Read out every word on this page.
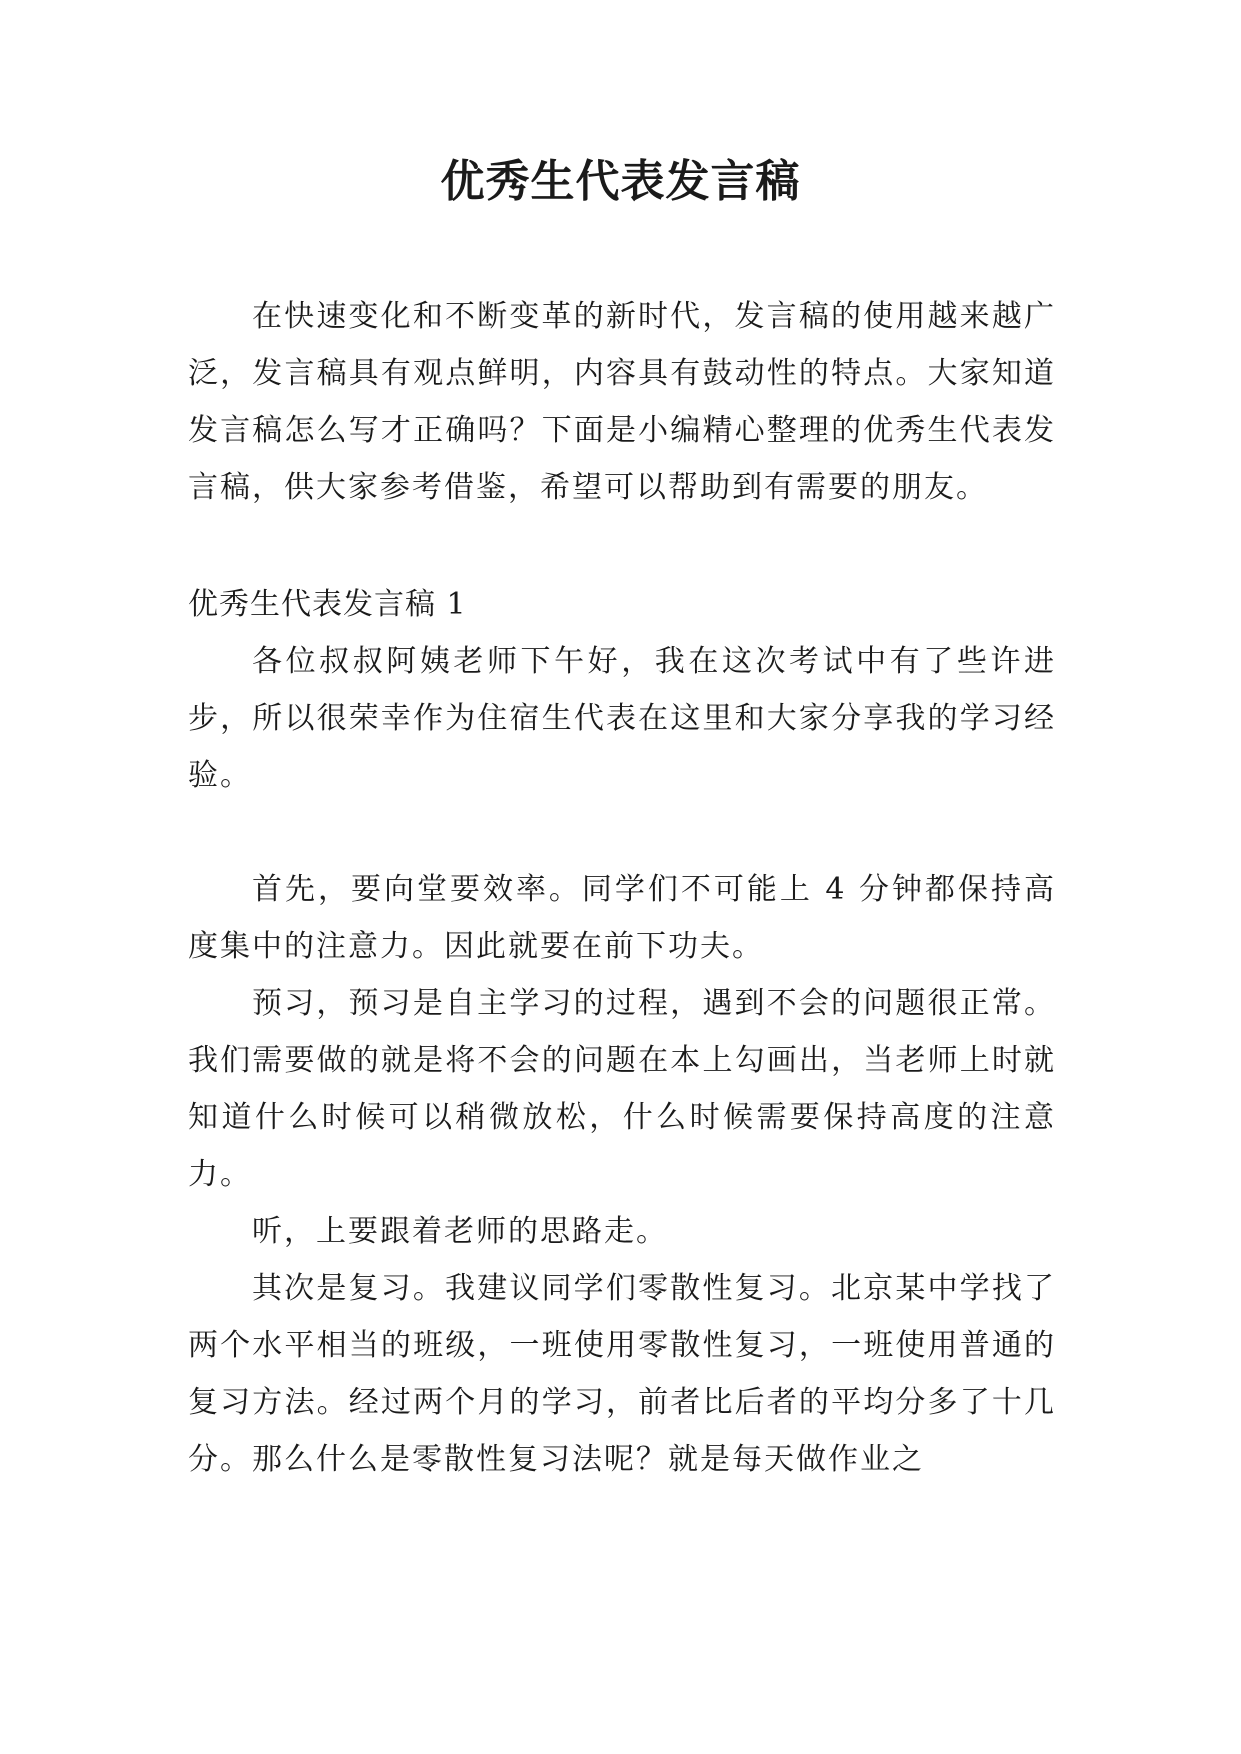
优秀生代表发言稿

在快速变化和不断变革的新时代，发言稿的使用越来越广泛，发言稿具有观点鲜明，内容具有鼓动性的特点。大家知道发言稿怎么写才正确吗？下面是小编精心整理的优秀生代表发言稿，供大家参考借鉴，希望可以帮助到有需要的朋友。

优秀生代表发言稿 1

各位叔叔阿姨老师下午好，我在这次考试中有了些许进步，所以很荣幸作为住宿生代表在这里和大家分享我的学习经验。

首先，要向堂要效率。同学们不可能上 4 分钟都保持高度集中的注意力。因此就要在前下功夫。

预习，预习是自主学习的过程，遇到不会的问题很正常。我们需要做的就是将不会的问题在本上勾画出，当老师上时就知道什么时候可以稍微放松，什么时候需要保持高度的注意力。

听，上要跟着老师的思路走。

其次是复习。我建议同学们零散性复习。北京某中学找了两个水平相当的班级，一班使用零散性复习，一班使用普通的复习方法。经过两个月的学习，前者比后者的平均分多了十几分。那么什么是零散性复习法呢？就是每天做作业之
